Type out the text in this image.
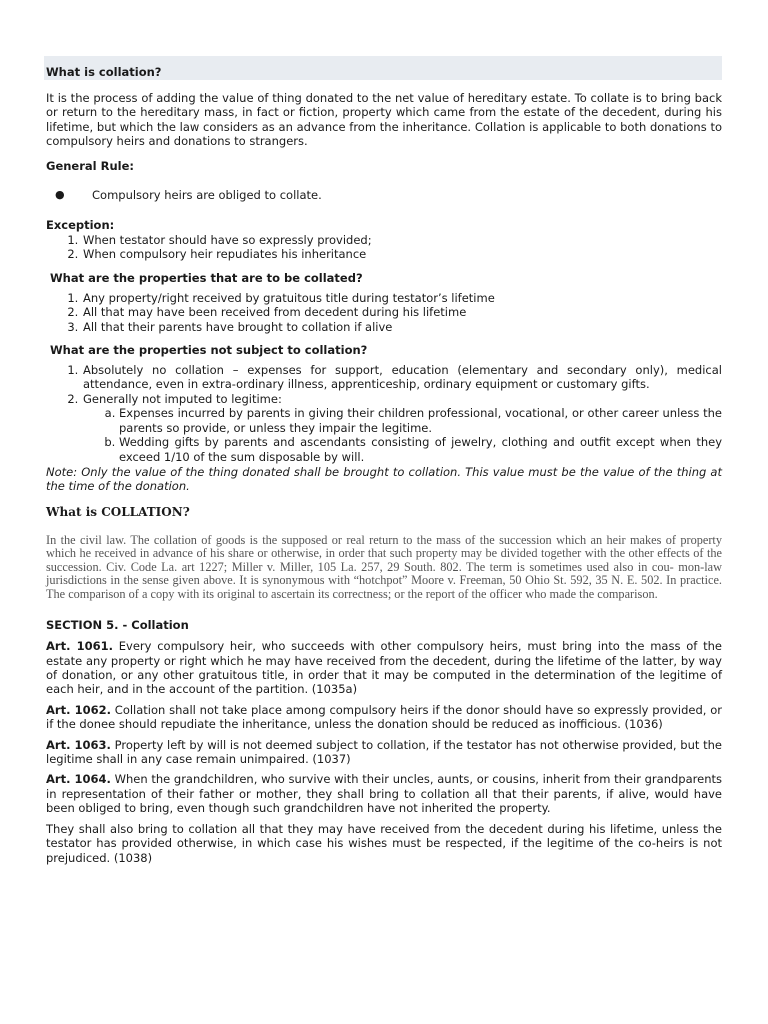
What is collation?

It is the process of adding the value of thing donated to the net value of hereditary estate. To collate is to bring back or return to the hereditary mass, in fact or fiction, property which came from the estate of the decedent, during his lifetime, but which the law considers as an advance from the inheritance. Collation is applicable to both donations to compulsory heirs and donations to strangers.

General Rule:

● Compulsory heirs are obliged to collate.

Exception:

1. When testator should have so expressly provided;
2. When compulsory heir repudiates his inheritance

What are the properties that are to be collated?

1. Any property/right received by gratuitous title during testator’s lifetime
2. All that may have been received from decedent during his lifetime
3. All that their parents have brought to collation if alive

What are the properties not subject to collation?

1. Absolutely no collation – expenses for support, education (elementary and secondary only), medical attendance, even in extra-ordinary illness, apprenticeship, ordinary equipment or customary gifts.
2. Generally not imputed to legitime:
a. Expenses incurred by parents in giving their children professional, vocational, or other career unless the parents so provide, or unless they impair the legitime.
b. Wedding gifts by parents and ascendants consisting of jewelry, clothing and outfit except when they exceed 1/10 of the sum disposable by will.

Note: Only the value of the thing donated shall be brought to collation. This value must be the value of the thing at the time of the donation.

What is COLLATION?

In the civil law. The collation of goods is the supposed or real return to the mass of the succession which an heir makes of property which he received in advance of his share or otherwise, in order that such property may be divided together with the other effects of the succession. Civ. Code La. art 1227; Miller v. Miller, 105 La. 257, 29 South. 802. The term is sometimes used also in cou- mon-law jurisdictions in the sense given above. It is synonymous with “hotchpot” Moore v. Freeman, 50 Ohio St. 592, 35 N. E. 502. In practice. The comparison of a copy with its original to ascertain its correctness; or the report of the officer who made the comparison.

SECTION 5. - Collation

Art. 1061. Every compulsory heir, who succeeds with other compulsory heirs, must bring into the mass of the estate any property or right which he may have received from the decedent, during the lifetime of the latter, by way of donation, or any other gratuitous title, in order that it may be computed in the determination of the legitime of each heir, and in the account of the partition. (1035a)

Art. 1062. Collation shall not take place among compulsory heirs if the donor should have so expressly provided, or if the donee should repudiate the inheritance, unless the donation should be reduced as inofficious. (1036)

Art. 1063. Property left by will is not deemed subject to collation, if the testator has not otherwise provided, but the legitime shall in any case remain unimpaired. (1037)

Art. 1064. When the grandchildren, who survive with their uncles, aunts, or cousins, inherit from their grandparents in representation of their father or mother, they shall bring to collation all that their parents, if alive, would have been obliged to bring, even though such grandchildren have not inherited the property.

They shall also bring to collation all that they may have received from the decedent during his lifetime, unless the testator has provided otherwise, in which case his wishes must be respected, if the legitime of the co-heirs is not prejudiced. (1038)
